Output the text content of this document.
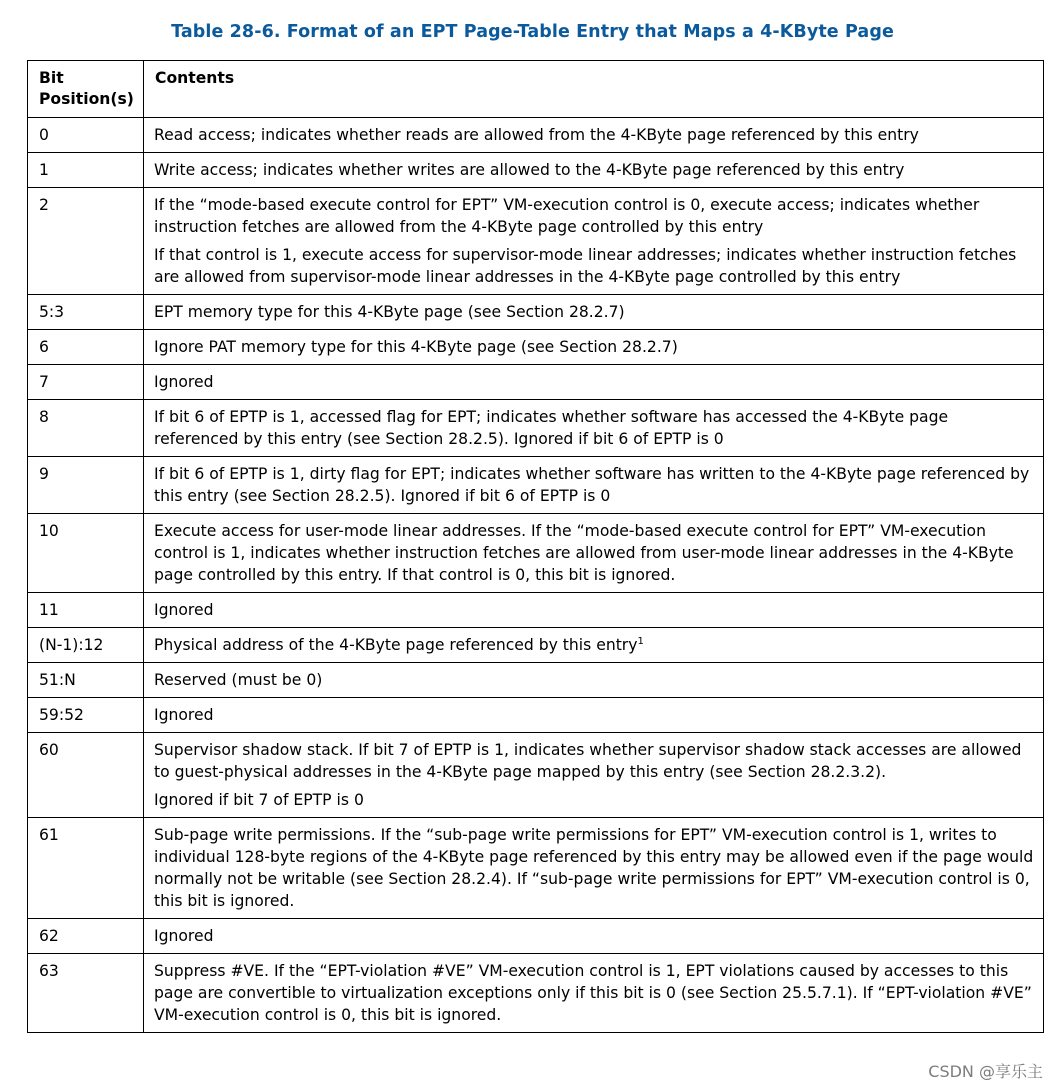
Table 28-6. Format of an EPT Page-Table Entry that Maps a 4-KByte Page
Bit Position(s)	Contents
0	Read access; indicates whether reads are allowed from the 4-KByte page referenced by this entry

1	Write access; indicates whether writes are allowed to the 4-KByte page referenced by this entry

2	If the “mode-based execute control for EPT” VM-execution control is 0, execute access; indicates whether instruction fetches are allowed from the 4-KByte page controlled by this entry
If that control is 1, execute access for supervisor-mode linear addresses; indicates whether instruction fetches are allowed from supervisor-mode linear addresses in the 4-KByte page controlled by this entry

5:3	EPT memory type for this 4-KByte page (see Section 28.2.7)

6	Ignore PAT memory type for this 4-KByte page (see Section 28.2.7)

7	Ignored

8	If bit 6 of EPTP is 1, accessed flag for EPT; indicates whether software has accessed the 4-KByte page referenced by this entry (see Section 28.2.5). Ignored if bit 6 of EPTP is 0

9	If bit 6 of EPTP is 1, dirty flag for EPT; indicates whether software has written to the 4-KByte page referenced by this entry (see Section 28.2.5). Ignored if bit 6 of EPTP is 0

10	Execute access for user-mode linear addresses. If the “mode-based execute control for EPT” VM-execution control is 1, indicates whether instruction fetches are allowed from user-mode linear addresses in the 4-KByte page controlled by this entry. If that control is 0, this bit is ignored.

11	Ignored

(N-1):12	Physical address of the 4-KByte page referenced by this entry$^1$

51:N	Reserved (must be 0)

59:52	Ignored

60	Supervisor shadow stack. If bit 7 of EPTP is 1, indicates whether supervisor shadow stack accesses are allowed to guest-physical addresses in the 4-KByte page mapped by this entry (see Section 28.2.3.2).
Ignored if bit 7 of EPTP is 0

61	Sub-page write permissions. If the “sub-page write permissions for EPT” VM-execution control is 1, writes to individual 128-byte regions of the 4-KByte page referenced by this entry may be allowed even if the page would normally not be writable (see Section 28.2.4). If “sub-page write permissions for EPT” VM-execution control is 0, this bit is ignored.

62	Ignored

63	Suppress #VE. If the “EPT-violation #VE” VM-execution control is 1, EPT violations caused by accesses to this page are convertible to virtualization exceptions only if this bit is 0 (see Section 25.5.7.1). If “EPT-violation #VE” VM-execution control is 0, this bit is ignored.
CSDN @享乐主
